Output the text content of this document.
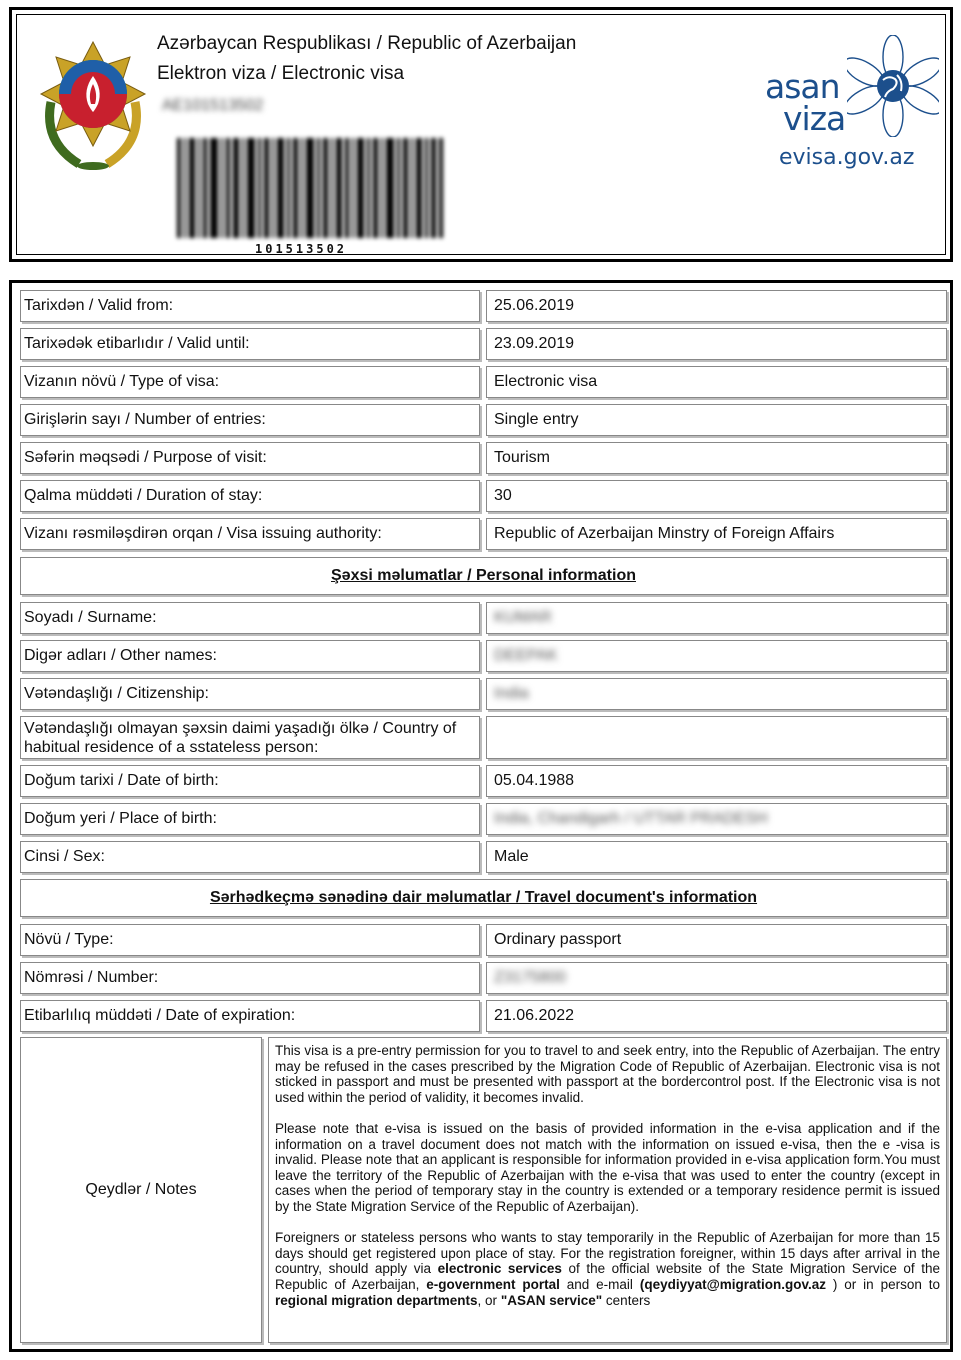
Azərbaycan Respublikası / Republic of Azerbaijan
Elektron viza / Electronic visa
AE101513502
101513502
asan
viza
evisa.gov.az
Tarixdən / Valid from:	25.06.2019
Tarixədək etibarlıdır / Valid until:	23.09.2019
Vizanın növü / Type of visa:	Electronic visa
Girişlərin sayı / Number of entries:	Single entry
Səfərin məqsədi / Purpose of visit:	Tourism
Qalma müddəti / Duration of stay:	30
Vizanı rəsmiləşdirən orqan / Visa issuing authority:	Republic of Azerbaijan Minstry of Foreign Affairs
Şəxsi məlumatlar / Personal information
Soyadı / Surname:	KUMAR
Digər adları / Other names:	DEEPAK
Vətəndaşlığı / Citizenship:	India
Vətəndaşlığı olmayan şəxsin daimi yaşadığı ölkə / Country of habitual residence of a sstateless person:
Doğum tarixi / Date of birth:	05.04.1988
Doğum yeri / Place of birth:	India, Chandigarh / UTTAR PRADESH
Cinsi / Sex:	Male
Sərhədkeçmə sənədinə dair məlumatlar / Travel document's information
Növü / Type:	Ordinary passport
Nömrəsi / Number:	Z3175800
Etibarlılıq müddəti / Date of expiration:	21.06.2022
Qeydlər / Notes

This visa is a pre-entry permission for you to travel to and seek entry, into the Republic of Azerbaijan. The entry may be refused in the cases prescribed by the Migration Code of Republic of Azerbaijan. Electronic visa is not sticked in passport and must be presented with passport at the bordercontrol post. If the Electronic visa is not used within the period of validity, it becomes invalid.

Please note that e-visa is issued on the basis of provided information in the e-visa application and if the information on a travel document does not match with the information on issued e-visa, then the e -visa is invalid. Please note that an applicant is responsible for information provided in e-visa application form.You must leave the territory of the Republic of Azerbaijan with the e-visa that was used to enter the country (except in cases when the period of temporary stay in the country is extended or a temporary residence permit is issued by the State Migration Service of the Republic of Azerbaijan).

Foreigners or stateless persons who wants to stay temporarily in the Republic of Azerbaijan for more than 15 days should get registered upon place of stay. For the registration foreigner, within 15 days after arrival in the country, should apply via electronic services of the official website of the State Migration Service of the Republic of Azerbaijan, e-government portal and e-mail (qeydiyyat@migration.gov.az ) or in person to regional migration departments, or "ASAN service" centers
